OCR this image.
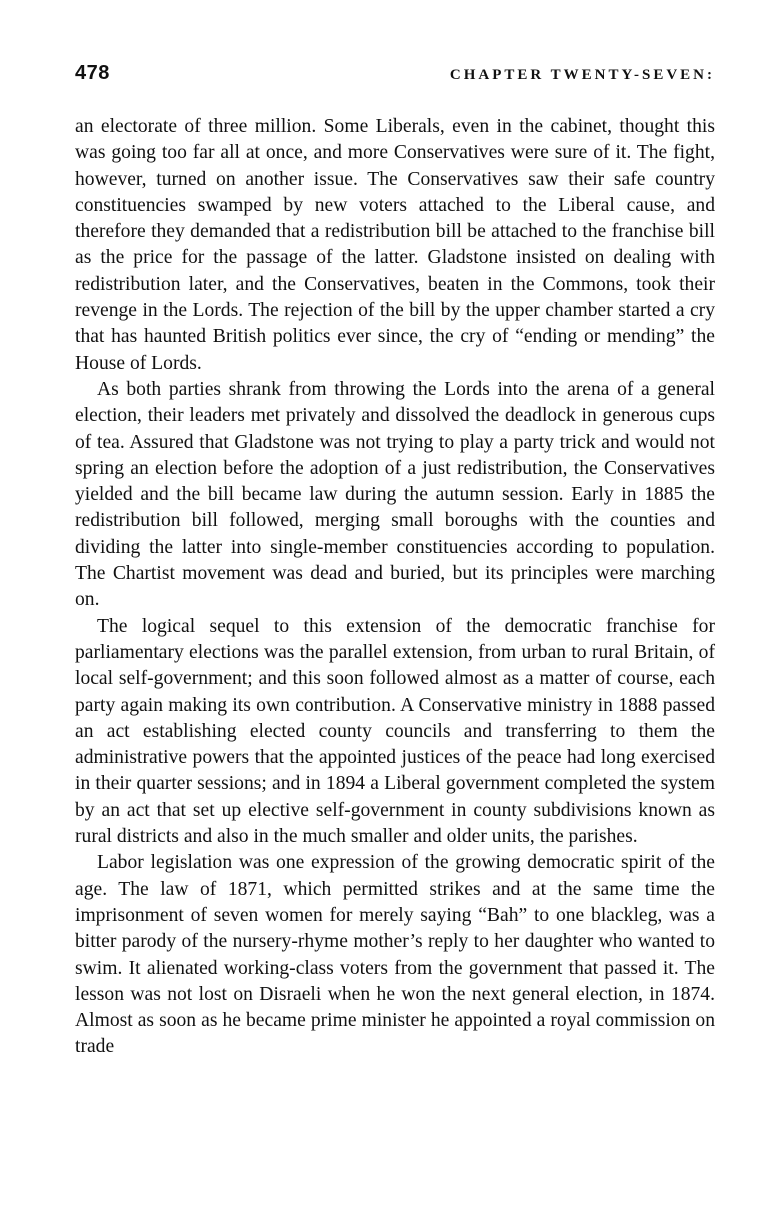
478	CHAPTER TWENTY-SEVEN:

an electorate of three million. Some Liberals, even in the cabinet, thought this was going too far all at once, and more Conservatives were sure of it. The fight, however, turned on another issue. The Conservatives saw their safe country constituencies swamped by new voters attached to the Liberal cause, and therefore they demanded that a redistribution bill be attached to the franchise bill as the price for the passage of the latter. Gladstone insisted on dealing with redistribution later, and the Conservatives, beaten in the Commons, took their revenge in the Lords. The rejection of the bill by the upper chamber started a cry that has haunted British politics ever since, the cry of “ending or mending” the House of Lords.

As both parties shrank from throwing the Lords into the arena of a general election, their leaders met privately and dissolved the deadlock in generous cups of tea. Assured that Gladstone was not trying to play a party trick and would not spring an election before the adoption of a just redistribution, the Conservatives yielded and the bill became law during the autumn session. Early in 1885 the redistribution bill followed, merging small boroughs with the counties and dividing the latter into single-member constituencies according to population. The Chartist movement was dead and buried, but its principles were marching on.

The logical sequel to this extension of the democratic franchise for parliamentary elections was the parallel extension, from urban to rural Britain, of local self-government; and this soon followed almost as a matter of course, each party again making its own contribution. A Conservative ministry in 1888 passed an act establishing elected county councils and transferring to them the administrative powers that the appointed justices of the peace had long exercised in their quarter sessions; and in 1894 a Liberal government completed the system by an act that set up elective self-government in county subdivisions known as rural districts and also in the much smaller and older units, the parishes.

Labor legislation was one expression of the growing democratic spirit of the age. The law of 1871, which permitted strikes and at the same time the imprisonment of seven women for merely saying “Bah” to one blackleg, was a bitter parody of the nursery-rhyme mother’s reply to her daughter who wanted to swim. It alienated working-class voters from the government that passed it. The lesson was not lost on Disraeli when he won the next general election, in 1874. Almost as soon as he became prime minister he appointed a royal commission on trade
